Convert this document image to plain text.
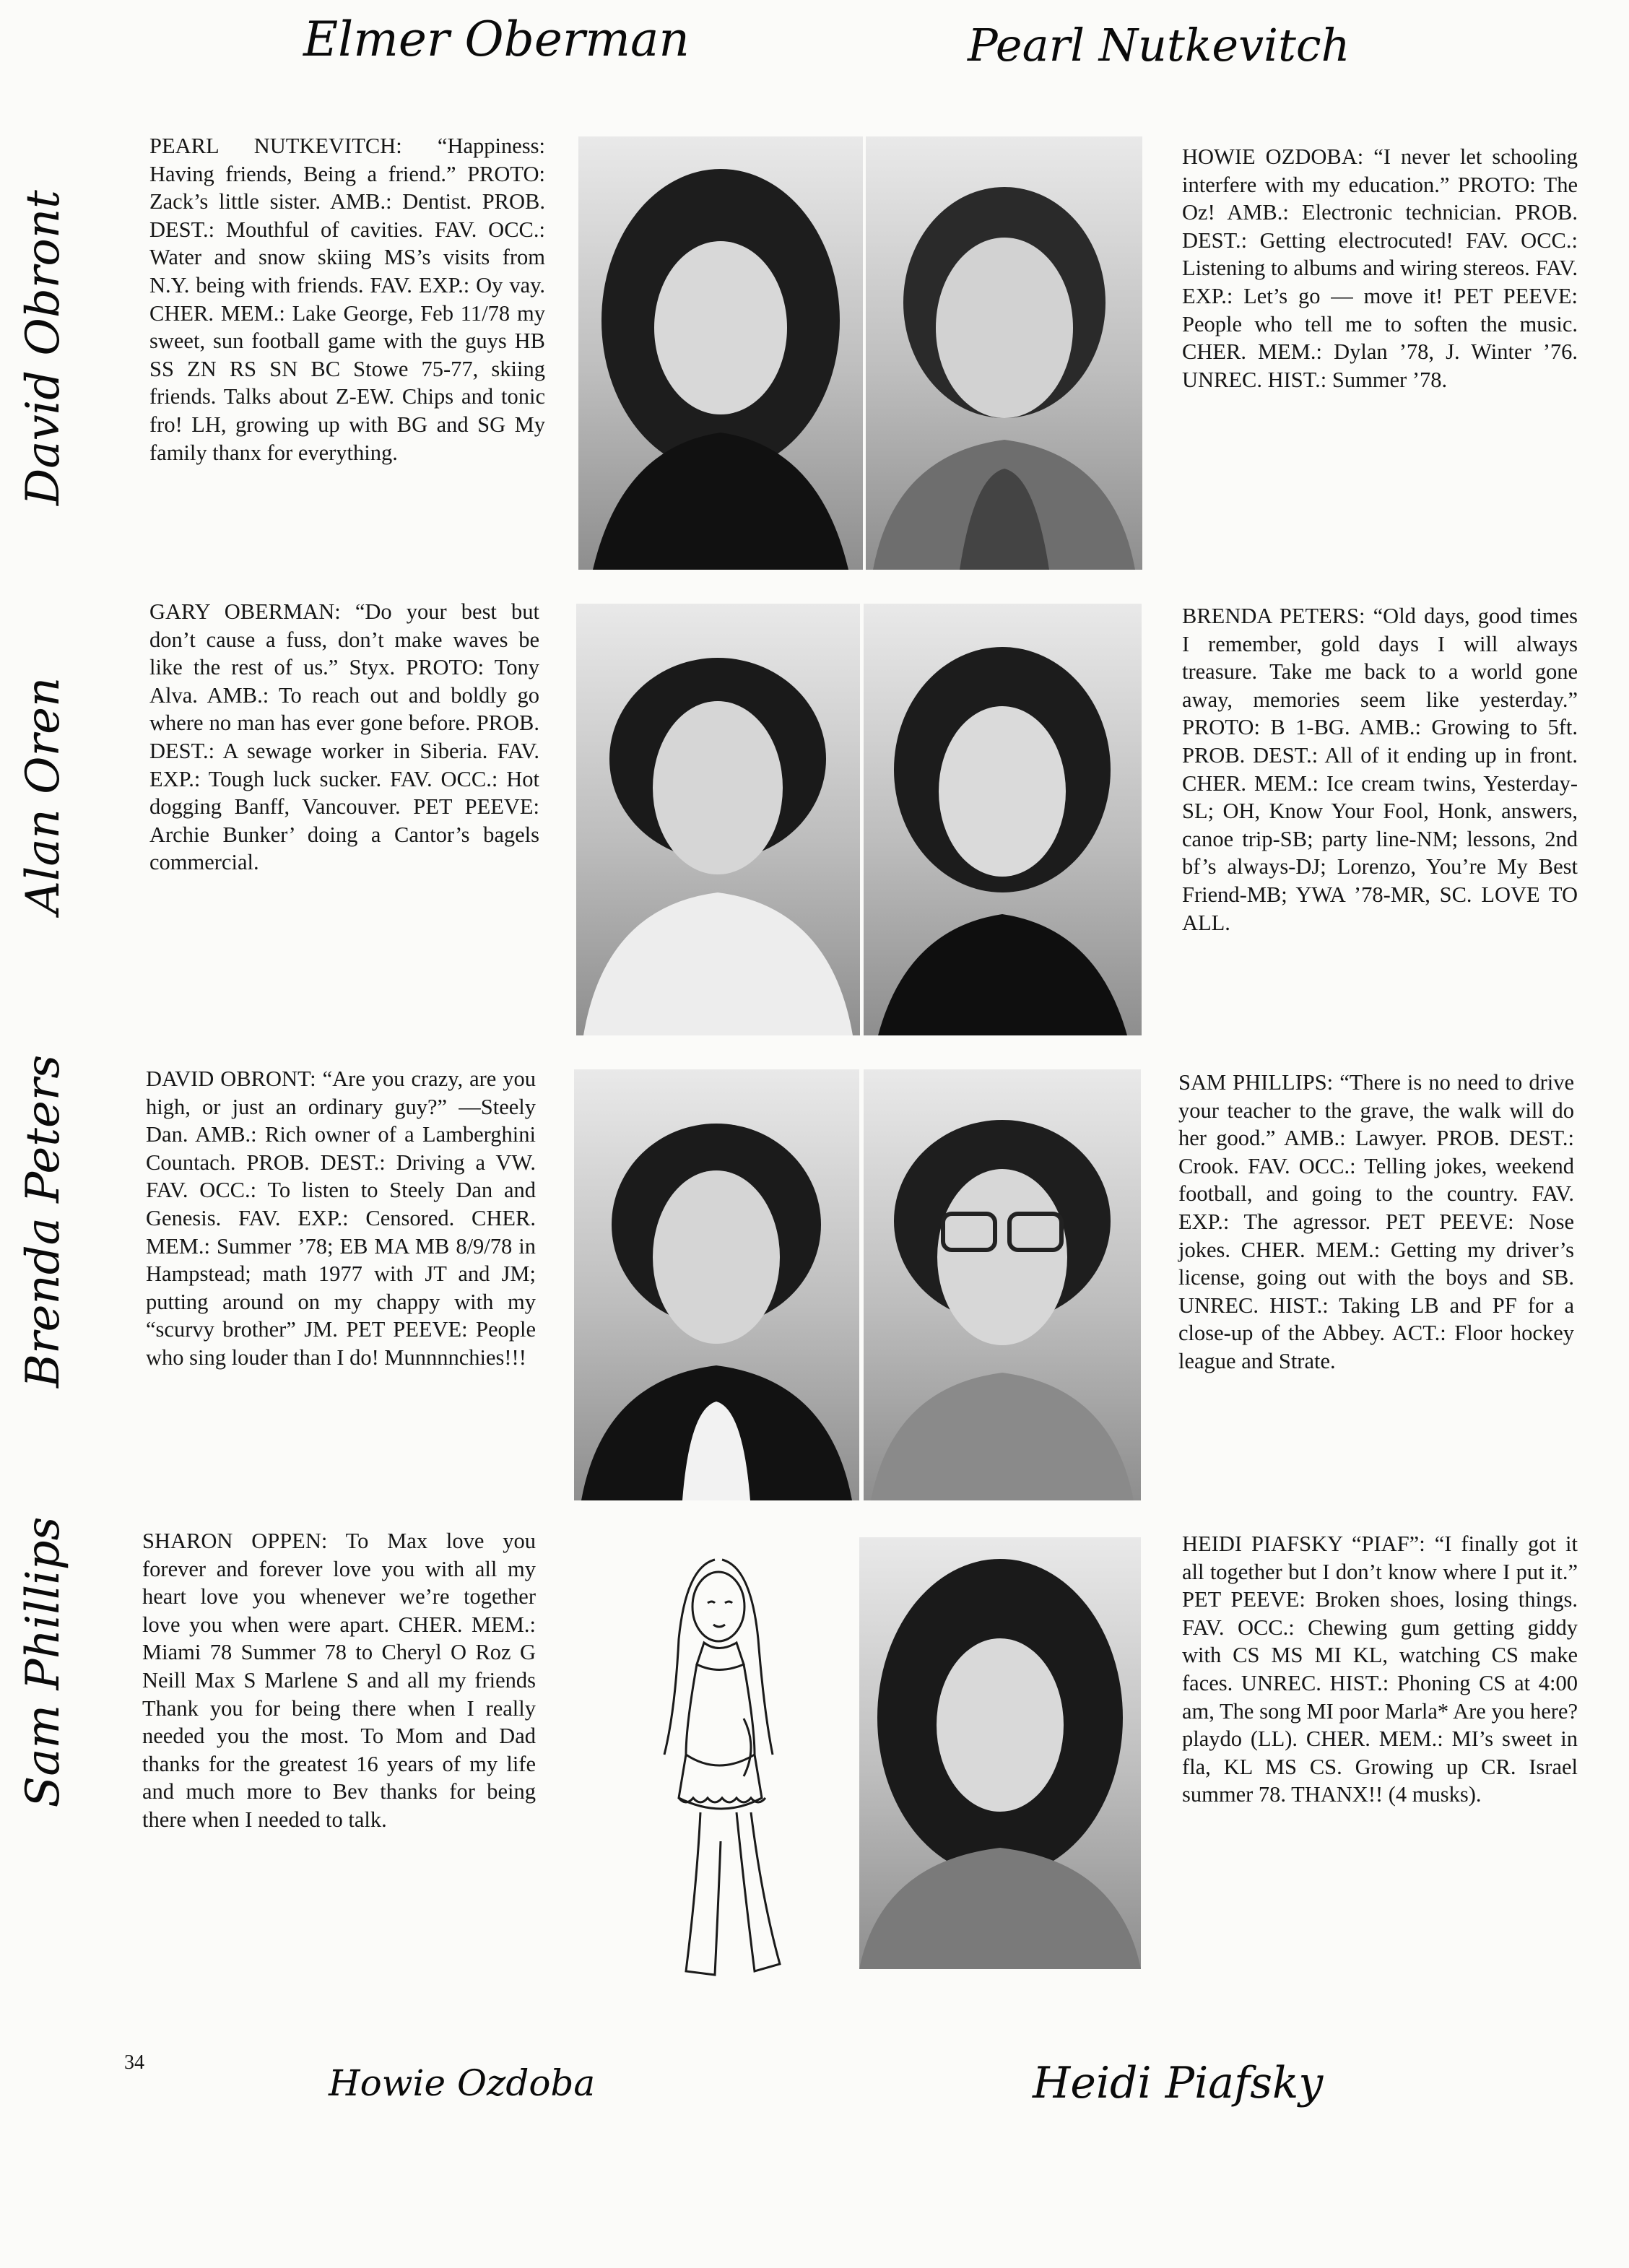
Elmer Oberman	Pearl Nutkevitch
David Obront
Alan Oren
Brenda Peters
Sam Phillips
Howie Ozdoba	Heidi Piafsky

PEARL NUTKEVITCH: “Happiness: Having friends, Being a friend.” PROTO: Zack’s little sister. AMB.: Dentist. PROB. DEST.: Mouthful of cavities. FAV. OCC.: Water and snow skiing MS’s visits from N.Y. being with friends. FAV. EXP.: Oy vay. CHER. MEM.: Lake George, Feb 11/78 my sweet, sun football game with the guys HB SS ZN RS SN BC Stowe 75-77, skiing friends. Talks about Z-EW. Chips and tonic fro! LH, growing up with BG and SG My family thanx for everything.

HOWIE OZDOBA: “I never let schooling interfere with my education.” PROTO: The Oz! AMB.: Electronic technician. PROB. DEST.: Getting electrocuted! FAV. OCC.: Listening to albums and wiring stereos. FAV. EXP.: Let’s go — move it! PET PEEVE: People who tell me to soften the music. CHER. MEM.: Dylan ’78, J. Winter ’76. UNREC. HIST.: Summer ’78.

GARY OBERMAN: “Do your best but don’t cause a fuss, don’t make waves be like the rest of us.” Styx. PROTO: Tony Alva. AMB.: To reach out and boldly go where no man has ever gone before. PROB. DEST.: A sewage worker in Siberia. FAV. EXP.: Tough luck sucker. FAV. OCC.: Hot dogging Banff, Vancouver. PET PEEVE: Archie Bunker’ doing a Cantor’s bagels commercial.

BRENDA PETERS: “Old days, good times I remember, gold days I will always treasure. Take me back to a world gone away, memories seem like yesterday.” PROTO: B 1-BG. AMB.: Growing to 5ft. PROB. DEST.: All of it ending up in front. CHER. MEM.: Ice cream twins, Yesterday-SL; OH, Know Your Fool, Honk, answers, canoe trip-SB; party line-NM; lessons, 2nd bf’s always-DJ; Lorenzo, You’re My Best Friend-MB; YWA ’78-MR, SC. LOVE TO ALL.

DAVID OBRONT: “Are you crazy, are you high, or just an ordinary guy?” —Steely Dan. AMB.: Rich owner of a Lamberghini Countach. PROB. DEST.: Driving a VW. FAV. OCC.: To listen to Steely Dan and Genesis. FAV. EXP.: Censored. CHER. MEM.: Summer ’78; EB MA MB 8/9/78 in Hampstead; math 1977 with JT and JM; putting around on my chappy with my “scurvy brother” JM. PET PEEVE: People who sing louder than I do! Munnnnchies!!!

SAM PHILLIPS: “There is no need to drive your teacher to the grave, the walk will do her good.” AMB.: Lawyer. PROB. DEST.: Crook. FAV. OCC.: Telling jokes, weekend football, and going to the country. FAV. EXP.: The agressor. PET PEEVE: Nose jokes. CHER. MEM.: Getting my driver’s license, going out with the boys and SB. UNREC. HIST.: Taking LB and PF for a close-up of the Abbey. ACT.: Floor hockey league and Strate.

SHARON OPPEN: To Max love you forever and forever love you with all my heart love you whenever we’re together love you when were apart. CHER. MEM.: Miami 78 Summer 78 to Cheryl O Roz G Neill Max S Marlene S and all my friends Thank you for being there when I really needed you the most. To Mom and Dad thanks for the greatest 16 years of my life and much more to Bev thanks for being there when I needed to talk.

HEIDI PIAFSKY “PIAF”: “I finally got it all together but I don’t know where I put it.” PET PEEVE: Broken shoes, losing things. FAV. OCC.: Chewing gum getting giddy with CS MS MI KL, watching CS make faces. UNREC. HIST.: Phoning CS at 4:00 am, The song MI poor Marla* Are you here? playdo (LL). CHER. MEM.: MI’s sweet in fla, KL MS CS. Growing up CR. Israel summer 78. THANX!! (4 musks).

34
